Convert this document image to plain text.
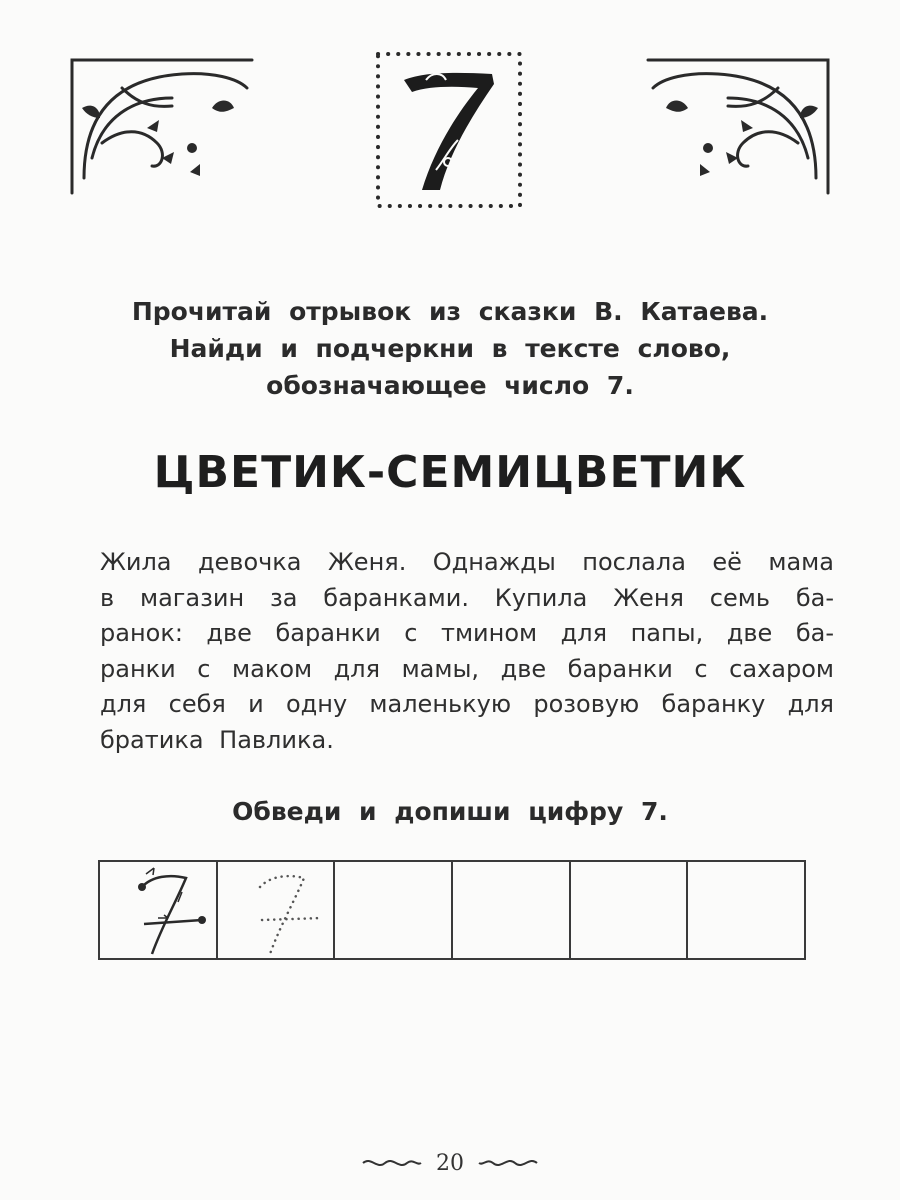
Прочитай отрывок из сказки В. Катаева.
Найди и подчеркни в тексте слово,
обозначающее число 7.
ЦВЕТИК-СЕМИЦВЕТИК
Жила девочка Женя. Однажды послала её мама
в магазин за баранками. Купила Женя семь ба-
ранок: две баранки с тмином для папы, две ба-
ранки с маком для мамы, две баранки с сахаром
для себя и одну маленькую розовую баранку для
братика Павлика.
Обведи и допиши цифру 7.
20
